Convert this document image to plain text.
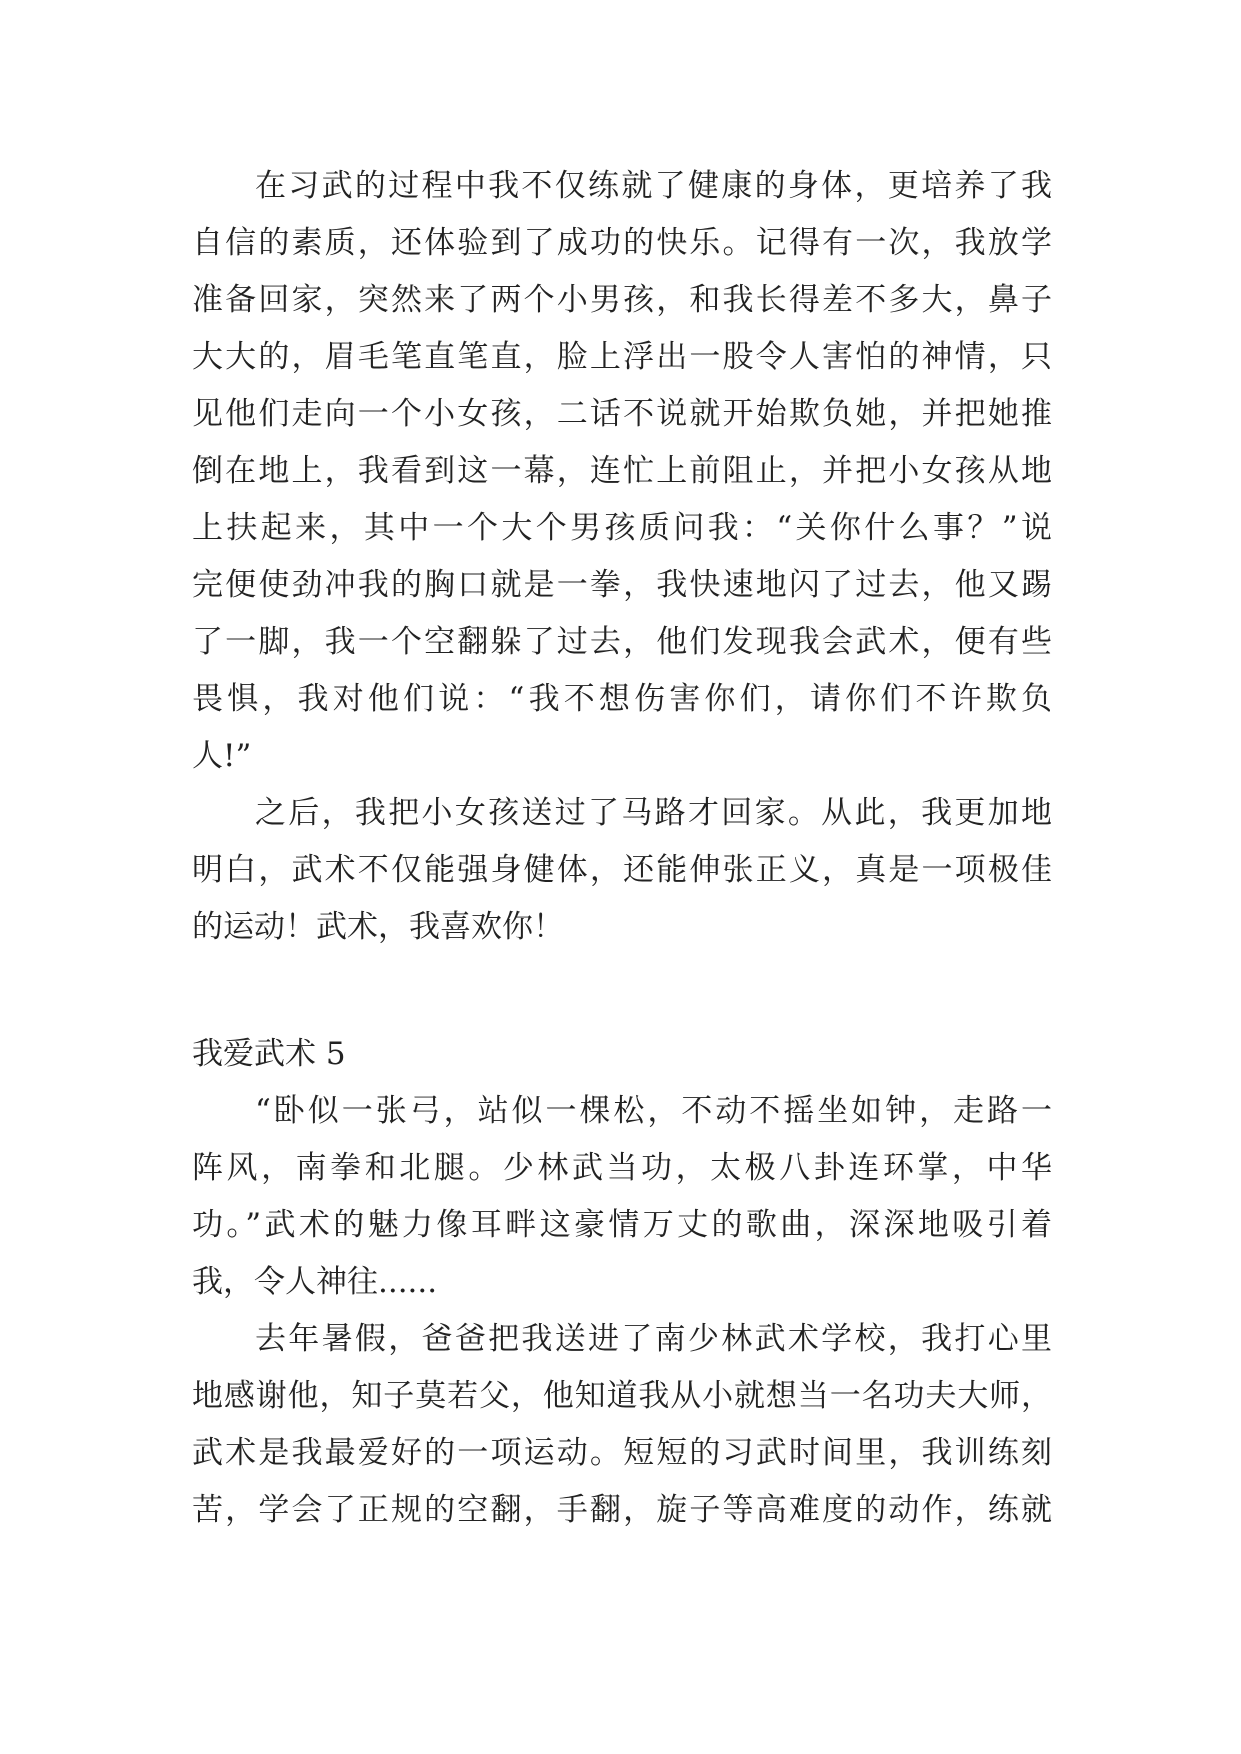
在习武的过程中我不仅练就了健康的身体，更培养了我
自信的素质，还体验到了成功的快乐。记得有一次，我放学
准备回家，突然来了两个小男孩，和我长得差不多大，鼻子
大大的，眉毛笔直笔直，脸上浮出一股令人害怕的神情，只
见他们走向一个小女孩，二话不说就开始欺负她，并把她推
倒在地上，我看到这一幕，连忙上前阻止，并把小女孩从地
上扶起来，其中一个大个男孩质问我：“关你什么事？”说
完便使劲冲我的胸口就是一拳，我快速地闪了过去，他又踢
了一脚，我一个空翻躲了过去，他们发现我会武术，便有些
畏惧，我对他们说：“我不想伤害你们，请你们不许欺负
人!”
之后，我把小女孩送过了马路才回家。从此，我更加地
明白，武术不仅能强身健体，还能伸张正义，真是一项极佳
的运动！武术，我喜欢你！
我爱武术 5
“卧似一张弓，站似一棵松，不动不摇坐如钟，走路一
阵风，南拳和北腿。少林武当功，太极八卦连环掌，中华
功。”武术的魅力像耳畔这豪情万丈的歌曲，深深地吸引着
我，令人神往......
去年暑假，爸爸把我送进了南少林武术学校，我打心里
地感谢他，知子莫若父，他知道我从小就想当一名功夫大师，
武术是我最爱好的一项运动。短短的习武时间里，我训练刻
苦，学会了正规的空翻，手翻，旋子等高难度的动作，练就
